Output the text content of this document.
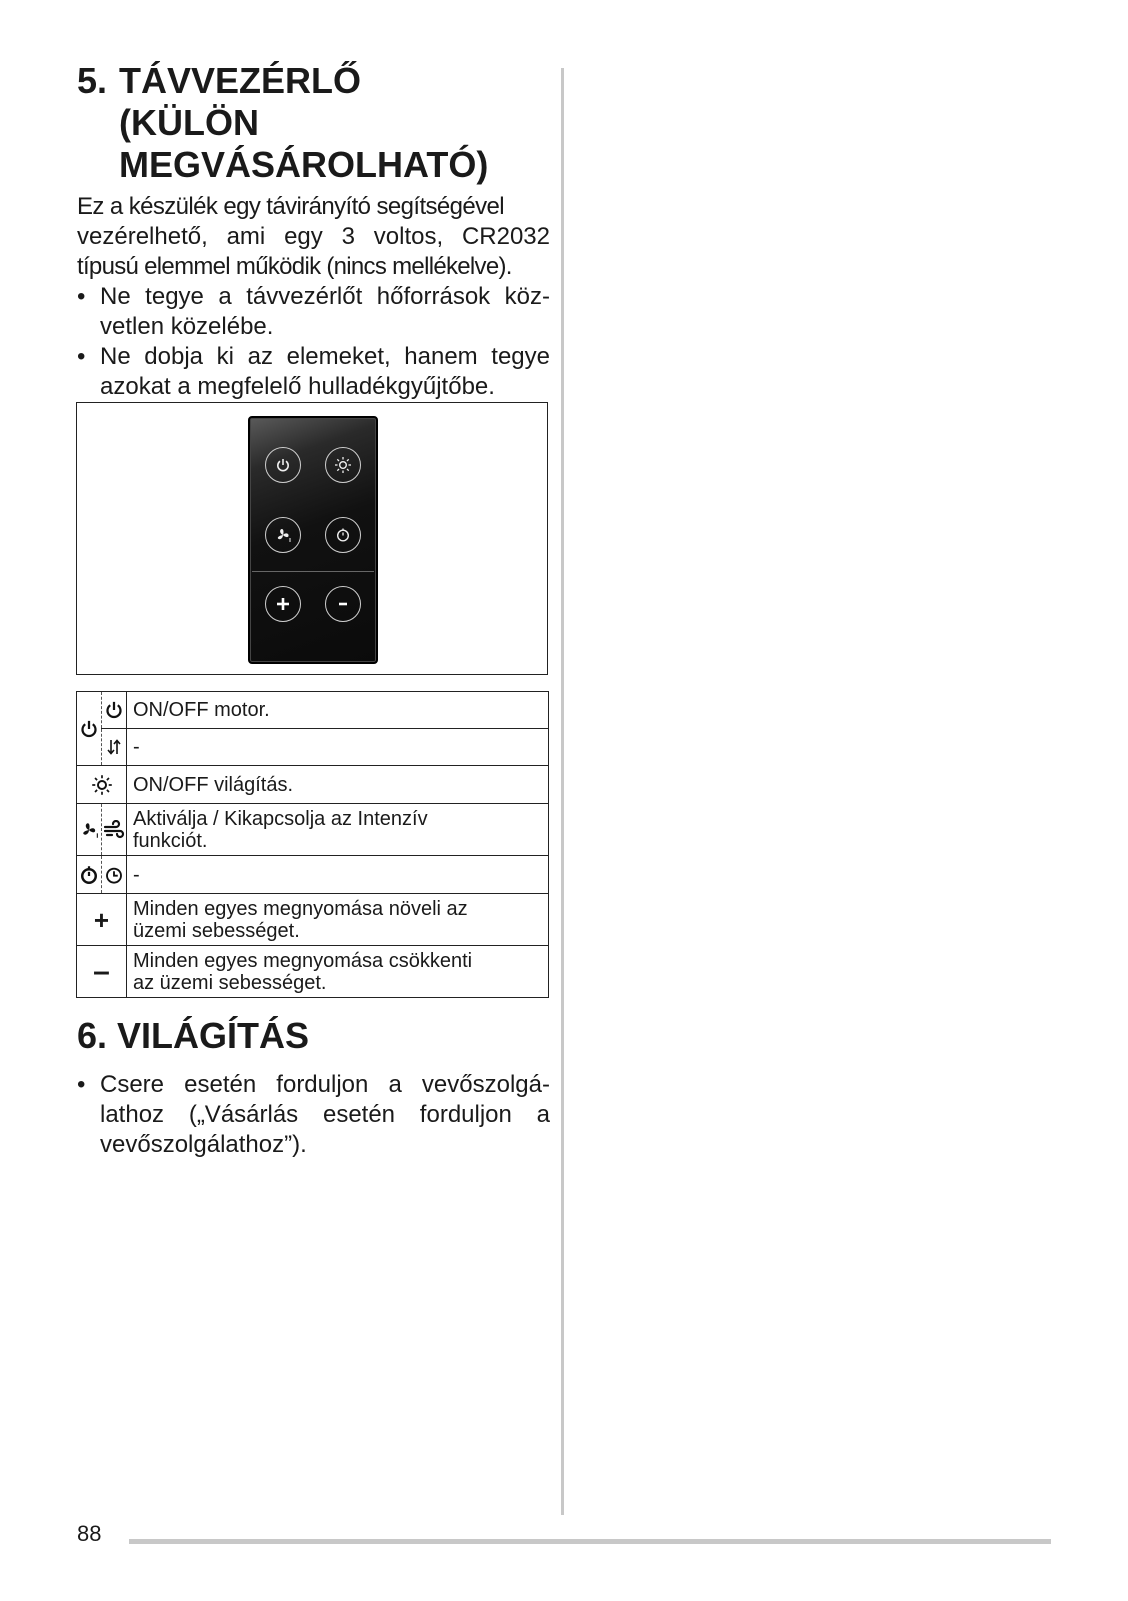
5. TÁVVEZÉRLŐ
(KÜLÖN
MEGVÁSÁROLHATÓ)
Ez a készülék egy távirányító segítségével
vezérelhető, ami egy 3 voltos, CR2032
típusú elemmel működik (nincs mellékelve).
• Ne tegye a távvezérlőt hőforrások köz-
vetlen közelébe.
• Ne dobja ki az elemeket, hanem tegye
azokat a megfelelő hulladékgyűjtőbe.

	ON/OFF motor.

	-

	ON/OFF világítás.

Aktiválja / Kikapcsolja az Intenzív
funkciót.

	-
+		Minden egyes megnyomása növeli az
üzemi sebességet.

–		Minden egyes megnyomása csökkenti
az üzemi sebességet.
6. VILÁGÍTÁS
• Csere esetén forduljon a vevőszolgá-
lathoz („Vásárlás esetén forduljon a
vevőszolgálathoz”).
88
